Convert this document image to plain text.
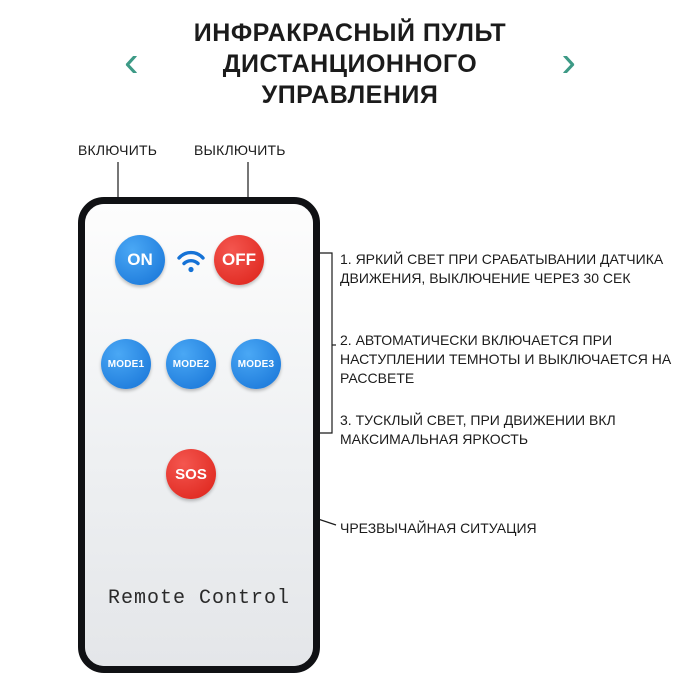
ИНФРАКРАСНЫЙ ПУЛЬТ ДИСТАНЦИОННОГО УПРАВЛЕНИЯ
‹	›
ВКЛЮЧИТЬ	ВЫКЛЮЧИТЬ
ON	OFF
MODE1	MODE2	MODE3
SOS
Remote Control
1. ЯРКИЙ СВЕТ ПРИ СРАБАТЫВАНИИ ДАТЧИКА ДВИЖЕНИЯ, ВЫКЛЮЧЕНИЕ ЧЕРЕЗ 30 СЕК
2. АВТОМАТИЧЕСКИ ВКЛЮЧАЕТСЯ ПРИ НАСТУПЛЕНИИ ТЕМНОТЫ И ВЫКЛЮЧАЕТСЯ НА РАССВЕТЕ
3. ТУСКЛЫЙ СВЕТ, ПРИ ДВИЖЕНИИ ВКЛ МАКСИМАЛЬНАЯ ЯРКОСТЬ
ЧРЕЗВЫЧАЙНАЯ СИТУАЦИЯ
